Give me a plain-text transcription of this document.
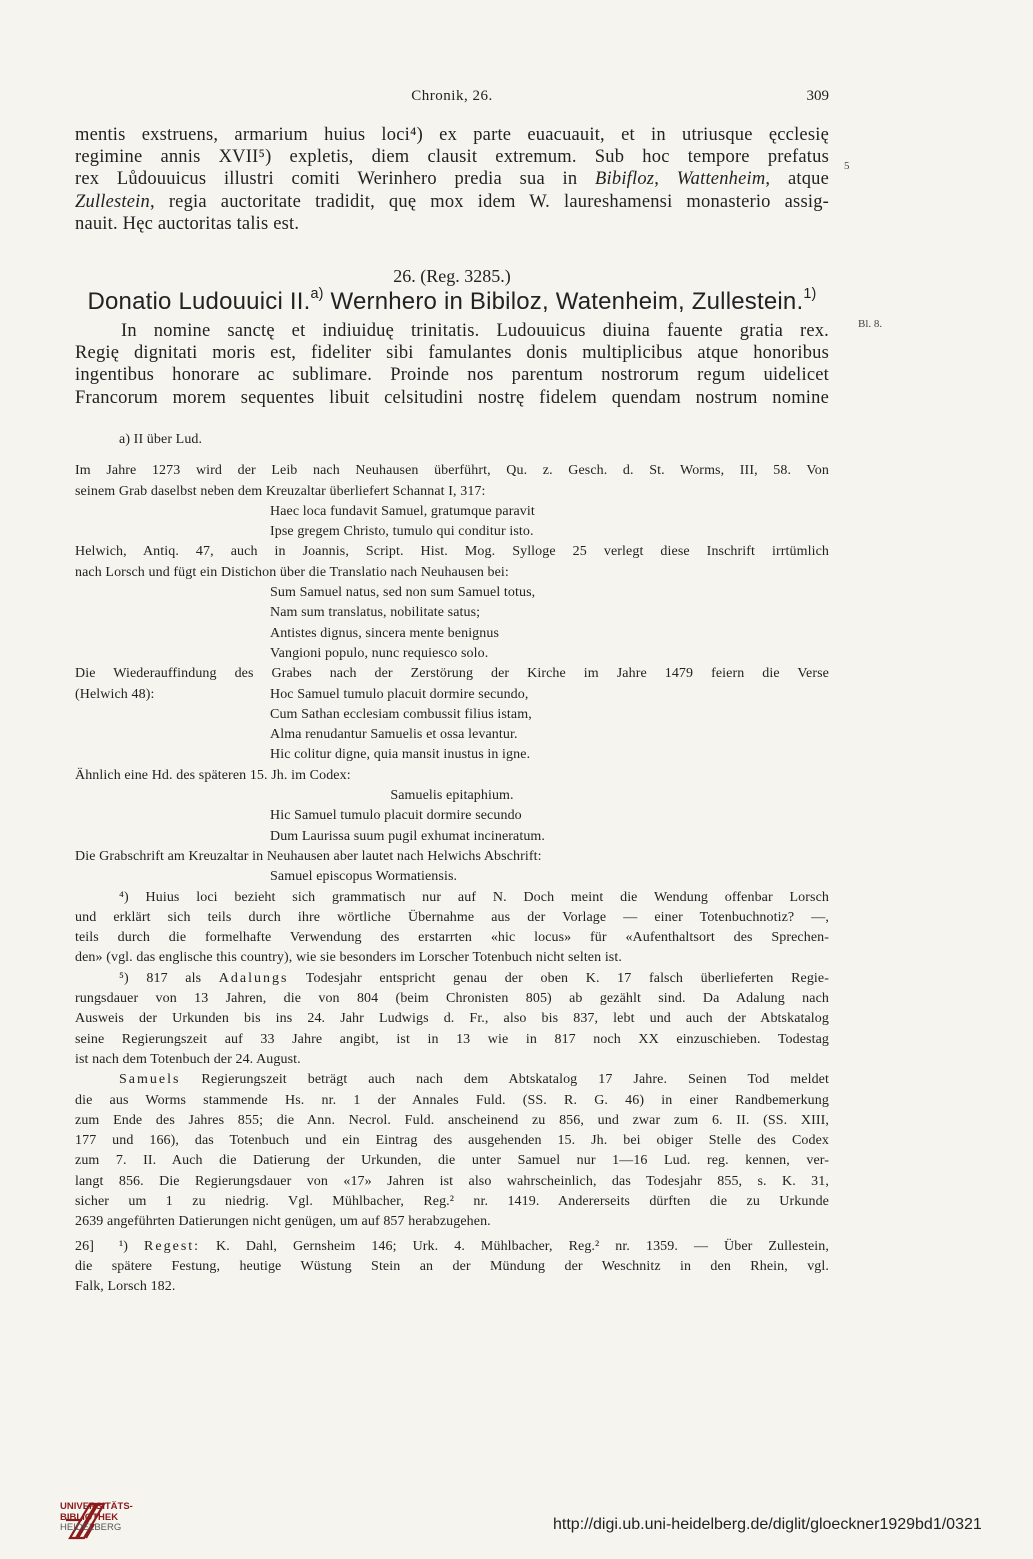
Chronik, 26.	309
mentis exstruens, armarium huius loci⁴) ex parte euacuauit, et in utriusque ęcclesię
regimine annis XVII⁵) expletis, diem clausit extremum. Sub hoc tempore prefatus
rex Lůdouuicus illustri comiti Werinhero predia sua in Bibifloz, Wattenheim, atque
Zullestein, regia auctoritate tradidit, quę mox idem W. laureshamensi monasterio assig-
nauit. Hęc auctoritas talis est.
5
26. (Reg. 3285.)
Donatio Ludouuici II.$^{a)}$ Wernhero in Bibiloz, Watenheim, Zullestein.$^{1)}$
Bl. 8.
In nomine sanctę et indiuiduę trinitatis. Ludouuicus diuina fauente gratia rex.
Regię dignitati moris est, fideliter sibi famulantes donis multiplicibus atque honoribus
ingentibus honorare ac sublimare. Proinde nos parentum nostrorum regum uidelicet
Francorum morem sequentes libuit celsitudini nostrę fidelem quendam nostrum nomine
a) II über Lud.
Im Jahre 1273 wird der Leib nach Neuhausen überführt, Qu. z. Gesch. d. St. Worms, III, 58. Von
seinem Grab daselbst neben dem Kreuzaltar überliefert Schannat I, 317:
Haec loca fundavit Samuel, gratumque paravit
Ipse gregem Christo, tumulo qui conditur isto.
Helwich, Antiq. 47, auch in Joannis, Script. Hist. Mog. Sylloge 25 verlegt diese Inschrift irrtümlich
nach Lorsch und fügt ein Distichon über die Translatio nach Neuhausen bei:
Sum Samuel natus, sed non sum Samuel totus,
Nam sum translatus, nobilitate satus;
Antistes dignus, sincera mente benignus
Vangioni populo, nunc requiesco solo.
Die Wiederauffindung des Grabes nach der Zerstörung der Kirche im Jahre 1479 feiern die Verse
(Helwich 48):	Hoc Samuel tumulo placuit dormire secundo,
Cum Sathan ecclesiam combussit filius istam,
Alma renudantur Samuelis et ossa levantur.
Hic colitur digne, quia mansit inustus in igne.
Ähnlich eine Hd. des späteren 15. Jh. im Codex:
Samuelis epitaphium.
Hic Samuel tumulo placuit dormire secundo
Dum Laurissa suum pugil exhumat incineratum.
Die Grabschrift am Kreuzaltar in Neuhausen aber lautet nach Helwichs Abschrift:
Samuel episcopus Wormatiensis.
⁴) Huius loci bezieht sich grammatisch nur auf N. Doch meint die Wendung offenbar Lorsch
und erklärt sich teils durch ihre wörtliche Übernahme aus der Vorlage — einer Totenbuchnotiz? —,
teils durch die formelhafte Verwendung des erstarrten «hic locus» für «Aufenthaltsort des Sprechen-
den» (vgl. das englische this country), wie sie besonders im Lorscher Totenbuch nicht selten ist.
⁵) 817 als Adalungs Todesjahr entspricht genau der oben K. 17 falsch überlieferten Regie-
rungsdauer von 13 Jahren, die von 804 (beim Chronisten 805) ab gezählt sind. Da Adalung nach
Ausweis der Urkunden bis ins 24. Jahr Ludwigs d. Fr., also bis 837, lebt und auch der Abtskatalog
seine Regierungszeit auf 33 Jahre angibt, ist in 13 wie in 817 noch XX einzuschieben. Todestag
ist nach dem Totenbuch der 24. August.
Samuels Regierungszeit beträgt auch nach dem Abtskatalog 17 Jahre. Seinen Tod meldet
die aus Worms stammende Hs. nr. 1 der Annales Fuld. (SS. R. G. 46) in einer Randbemerkung
zum Ende des Jahres 855; die Ann. Necrol. Fuld. anscheinend zu 856, und zwar zum 6. II. (SS. XIII,
177 und 166), das Totenbuch und ein Eintrag des ausgehenden 15. Jh. bei obiger Stelle des Codex
zum 7. II. Auch die Datierung der Urkunden, die unter Samuel nur 1—16 Lud. reg. kennen, ver-
langt 856. Die Regierungsdauer von «17» Jahren ist also wahrscheinlich, das Todesjahr 855, s. K. 31,
sicher um 1 zu niedrig. Vgl. Mühlbacher, Reg.² nr. 1419. Andererseits dürften die zu Urkunde
2639 angeführten Datierungen nicht genügen, um auf 857 herabzugehen.
26] ¹) Regest: K. Dahl, Gernsheim 146; Urk. 4. Mühlbacher, Reg.² nr. 1359. — Über Zullestein,
die spätere Festung, heutige Wüstung Stein an der Mündung der Weschnitz in den Rhein, vgl.
Falk, Lorsch 182.
UNIVERSITÄTS-
BIBLIOTHEK
HEIDELBERG	http://digi.ub.uni-heidelberg.de/diglit/gloeckner1929bd1/0321
